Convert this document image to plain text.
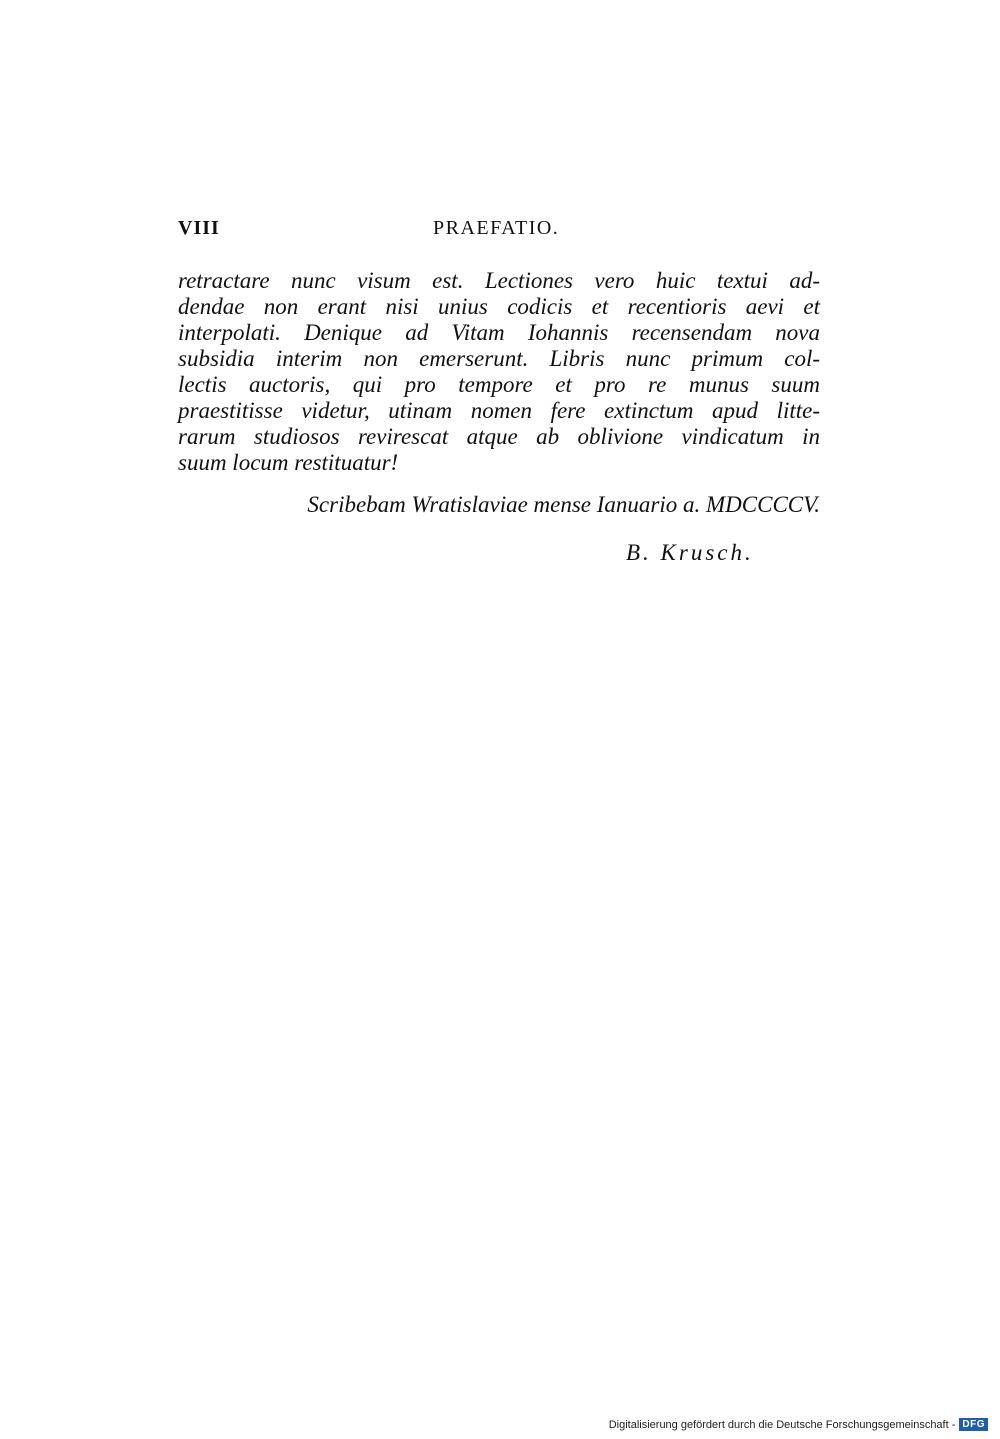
VIII	PRAEFATIO.
retractare nunc visum est. Lectiones vero huic textui ad-
dendae non erant nisi unius codicis et recentioris aevi et
interpolati. Denique ad Vitam Iohannis recensendam nova
subsidia interim non emerserunt. Libris nunc primum col-
lectis auctoris, qui pro tempore et pro re munus suum
praestitisse videtur, utinam nomen fere extinctum apud litte-
rarum studiosos revirescat atque ab oblivione vindicatum in
suum locum restituatur!
Scribebam Wratislaviae mense Ianuario a. MDCCCCV.
B. Krusch.
Digitalisierung gefördert durch die Deutsche Forschungsgemeinschaft - DFG
